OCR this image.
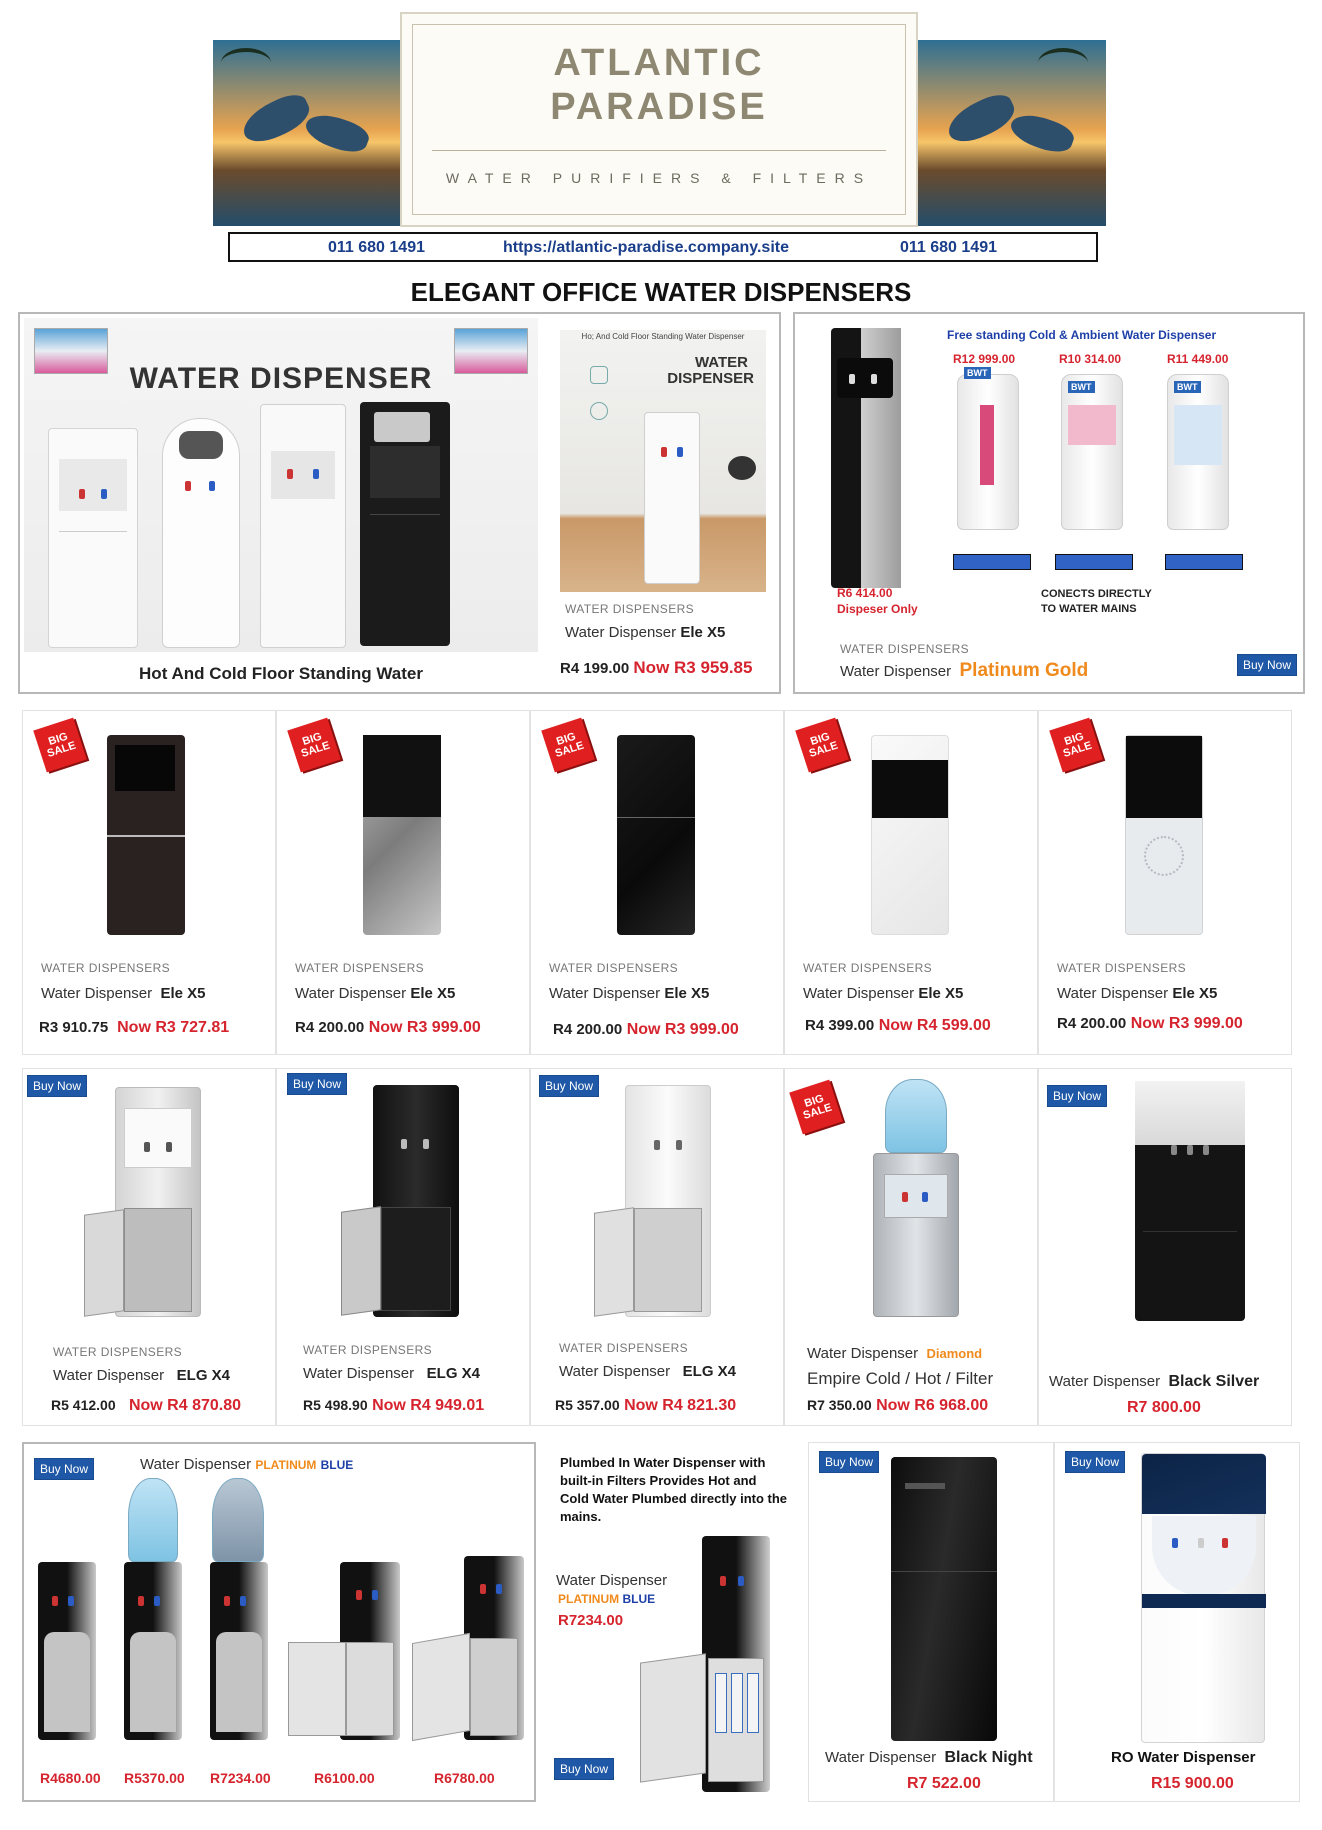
ATLANTIC
PARADISE
WATER PURIFIERS & FILTERS
011 680 1491	https://atlantic-paradise.company.site	011 680 1491
ELEGANT OFFICE WATER DISPENSERS
WATER DISPENSER
Hot And Cold Floor Standing Water
Ho; And Cold Floor Standing Water Dispenser
WATER
DISPENSER
WATER DISPENSERS
Water Dispenser Ele X5
R4 199.00 Now R3 959.85
Free standing Cold & Ambient Water Dispenser
R12 999.00	R10 314.00	R11 449.00
BWT
BWT	BWT
R6 414.00
Dispeser Only
CONECTS DIRECTLY
TO WATER MAINS
WATER DISPENSERS
Water Dispenser Platinum Gold	Buy Now
BIG SALE
WATER DISPENSERS
Water Dispenser Ele X5
R3 910.75 Now R3 727.81
BIG SALE
WATER DISPENSERS
Water Dispenser Ele X5
R4 200.00 Now R3 999.00
BIG SALE
WATER DISPENSERS
Water Dispenser Ele X5
R4 200.00 Now R3 999.00
BIG SALE
WATER DISPENSERS
Water Dispenser Ele X5
R4 399.00 Now R4 599.00
BIG SALE
WATER DISPENSERS
Water Dispenser Ele X5
R4 200.00 Now R3 999.00
Buy Now
WATER DISPENSERS
Water Dispenser ELG X4
R5 412.00 Now R4 870.80
Buy Now
WATER DISPENSERS
Water Dispenser ELG X4
R5 498.90 Now R4 949.01
Buy Now
WATER DISPENSERS
Water Dispenser ELG X4
R5 357.00 Now R4 821.30
BIG SALE
Water Dispenser Diamond
Empire Cold / Hot / Filter
R7 350.00 Now R6 968.00
Buy Now
Water Dispenser Black Silver
R7 800.00
Buy Now	Water Dispenser PLATINUM BLUE
R4680.00 R5370.00 R7234.00	R6100.00	R6780.00
Plumbed In Water Dispenser with built-in Filters Provides Hot and Cold Water Plumbed directly into the mains.
Water Dispenser
PLATINUM BLUE
R7234.00
Buy Now
Buy Now
Water Dispenser Black Night
R7 522.00
Buy Now
RO Water Dispenser
R15 900.00
